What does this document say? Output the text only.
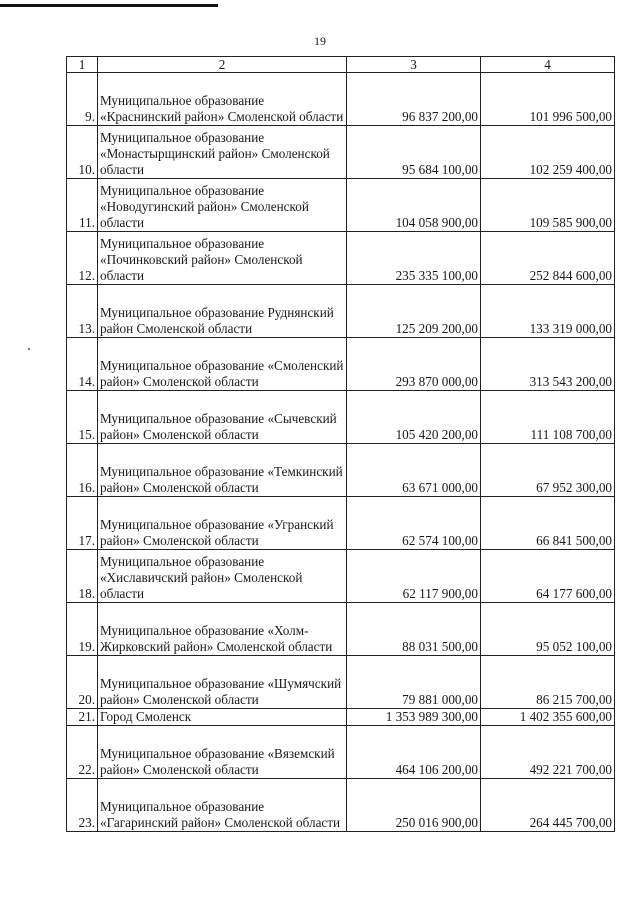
19
1	2	3	4
9.	Муниципальное образование «Краснинский район» Смоленской области	96 837 200,00	101 996 500,00
10.	Муниципальное образование «Монастырщинский район» Смоленской области	95 684 100,00	102 259 400,00
11.	Муниципальное образование «Новодугинский район» Смоленской области	104 058 900,00	109 585 900,00
12.	Муниципальное образование «Починковский район» Смоленской области	235 335 100,00	252 844 600,00
13.	Муниципальное образование Руднянский район Смоленской области	125 209 200,00	133 319 000,00
14.	Муниципальное образование «Смоленский район» Смоленской области	293 870 000,00	313 543 200,00
15.	Муниципальное образование «Сычевский район» Смоленской области	105 420 200,00	111 108 700,00
16.	Муниципальное образование «Темкинский район» Смоленской области	63 671 000,00	67 952 300,00
17.	Муниципальное образование «Угранский район» Смоленской области	62 574 100,00	66 841 500,00
18.	Муниципальное образование «Хиславичский район» Смоленской области	62 117 900,00	64 177 600,00
19.	Муниципальное образование «Холм-Жирковский район» Смоленской области	88 031 500,00	95 052 100,00
20.	Муниципальное образование «Шумячский район» Смоленской области	79 881 000,00	86 215 700,00
21.	Город Смоленск	1 353 989 300,00	1 402 355 600,00
22.	Муниципальное образование «Вяземский район» Смоленской области	464 106 200,00	492 221 700,00
23.	Муниципальное образование «Гагаринский район» Смоленской области	250 016 900,00	264 445 700,00
